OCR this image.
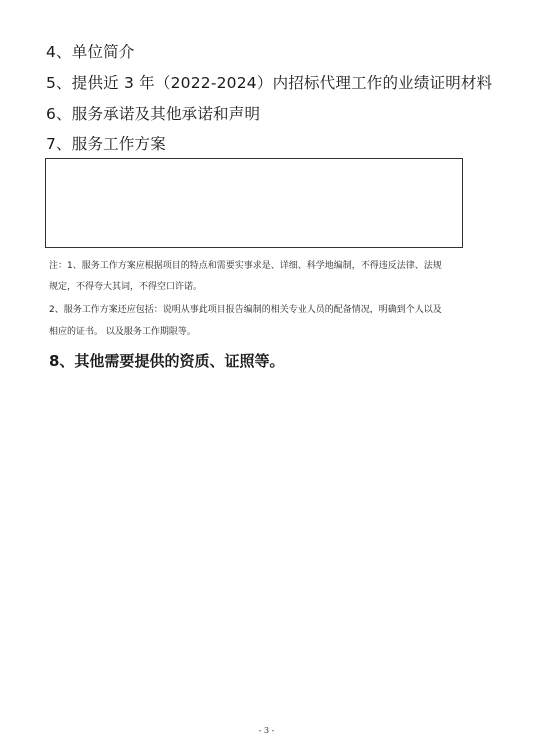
4、单位简介
5、提供近 3 年（2022-2024）内招标代理工作的业绩证明材料
6、服务承诺及其他承诺和声明
7、服务工作方案
注：1、服务工作方案应根据项目的特点和需要实事求是、详细、科学地编制，不得违反法律、法规
规定，不得夸大其词，不得空口许诺。
2、服务工作方案还应包括：说明从事此项目报告编制的相关专业人员的配备情况，明确到个人以及
相应的证书。 以及服务工作期限等。
8、其他需要提供的资质、证照等。
- 3 -
